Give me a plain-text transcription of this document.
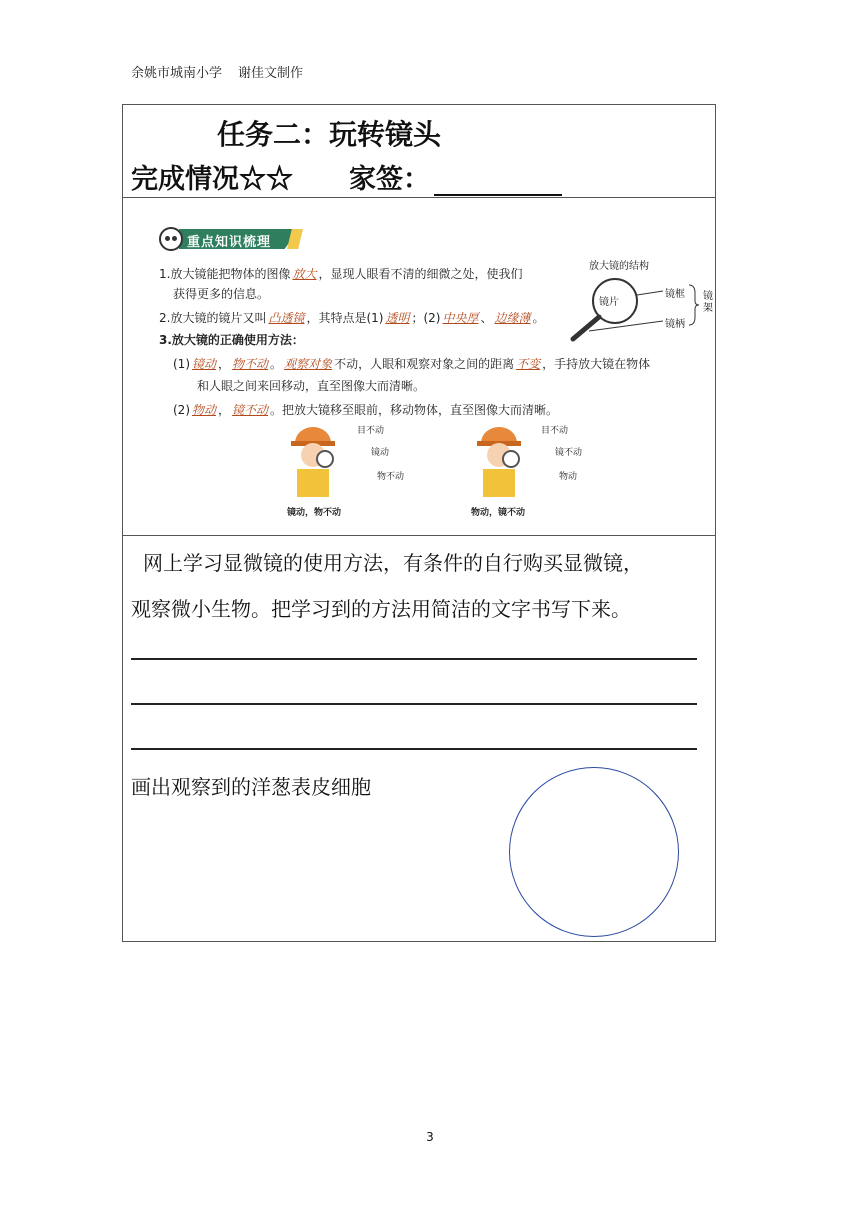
余姚市城南小学 谢佳文制作
任务二：玩转镜头
完成情况☆☆ 家签：
重点知识梳理
1.放大镜能把物体的图像 放大 ，显现人眼看不清的细微之处，使我们
获得更多的信息。
2.放大镜的镜片又叫 凸透镜 ，其特点是(1) 透明 ；(2) 中央厚 、 边缘薄 。
3.放大镜的正确使用方法：
(1) 镜动 ， 物不动 。 观察对象 不动，人眼和观察对象之间的距离 不变 ，手持放大镜在物体
和人眼之间来回移动，直至图像大而清晰。
(2) 物动 ， 镜不动 。把放大镜移至眼前，移动物体，直至图像大而清晰。
放大镜的结构
镜片
镜框
镜柄
镜架
目不动
镜动
物不动
镜动，物不动
目不动
镜不动
物动
物动，镜不动
网上学习显微镜的使用方法，有条件的自行购买显微镜，
观察微小生物。把学习到的方法用简洁的文字书写下来。
画出观察到的洋葱表皮细胞
3
